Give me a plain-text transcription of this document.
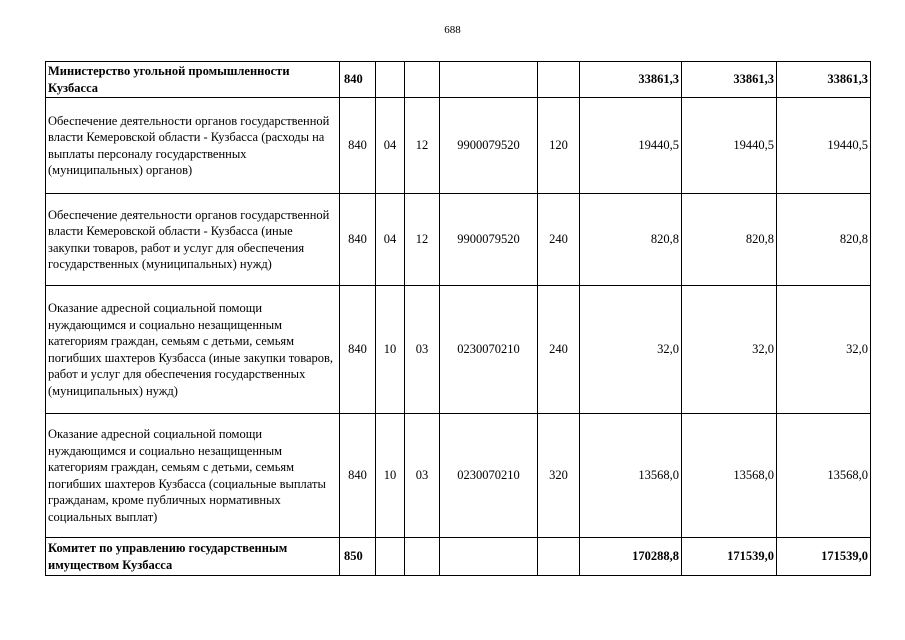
688
Министерство угольной промышленности Кузбасса	840					33861,3	33861,3	33861,3
Обеспечение деятельности органов государственной власти Кемеровской области - Кузбасса (расходы на выплаты персоналу государственных (муниципальных) органов)	840	04	12	9900079520	120	19440,5	19440,5	19440,5
Обеспечение деятельности органов государственной власти Кемеровской области - Кузбасса (иные закупки товаров, работ и услуг для обеспечения государственных (муниципальных) нужд)	840	04	12	9900079520	240	820,8	820,8	820,8
Оказание адресной социальной помощи нуждающимся и социально незащищенным категориям граждан, семьям с детьми, семьям погибших шахтеров Кузбасса (иные закупки товаров, работ и услуг для обеспечения государственных (муниципальных) нужд)	840	10	03	0230070210	240	32,0	32,0	32,0
Оказание адресной социальной помощи нуждающимся и социально незащищенным категориям граждан, семьям с детьми, семьям погибших шахтеров Кузбасса (социальные выплаты гражданам, кроме публичных нормативных социальных выплат)	840	10	03	0230070210	320	13568,0	13568,0	13568,0
Комитет по управлению государственным имуществом Кузбасса	850					170288,8	171539,0	171539,0
